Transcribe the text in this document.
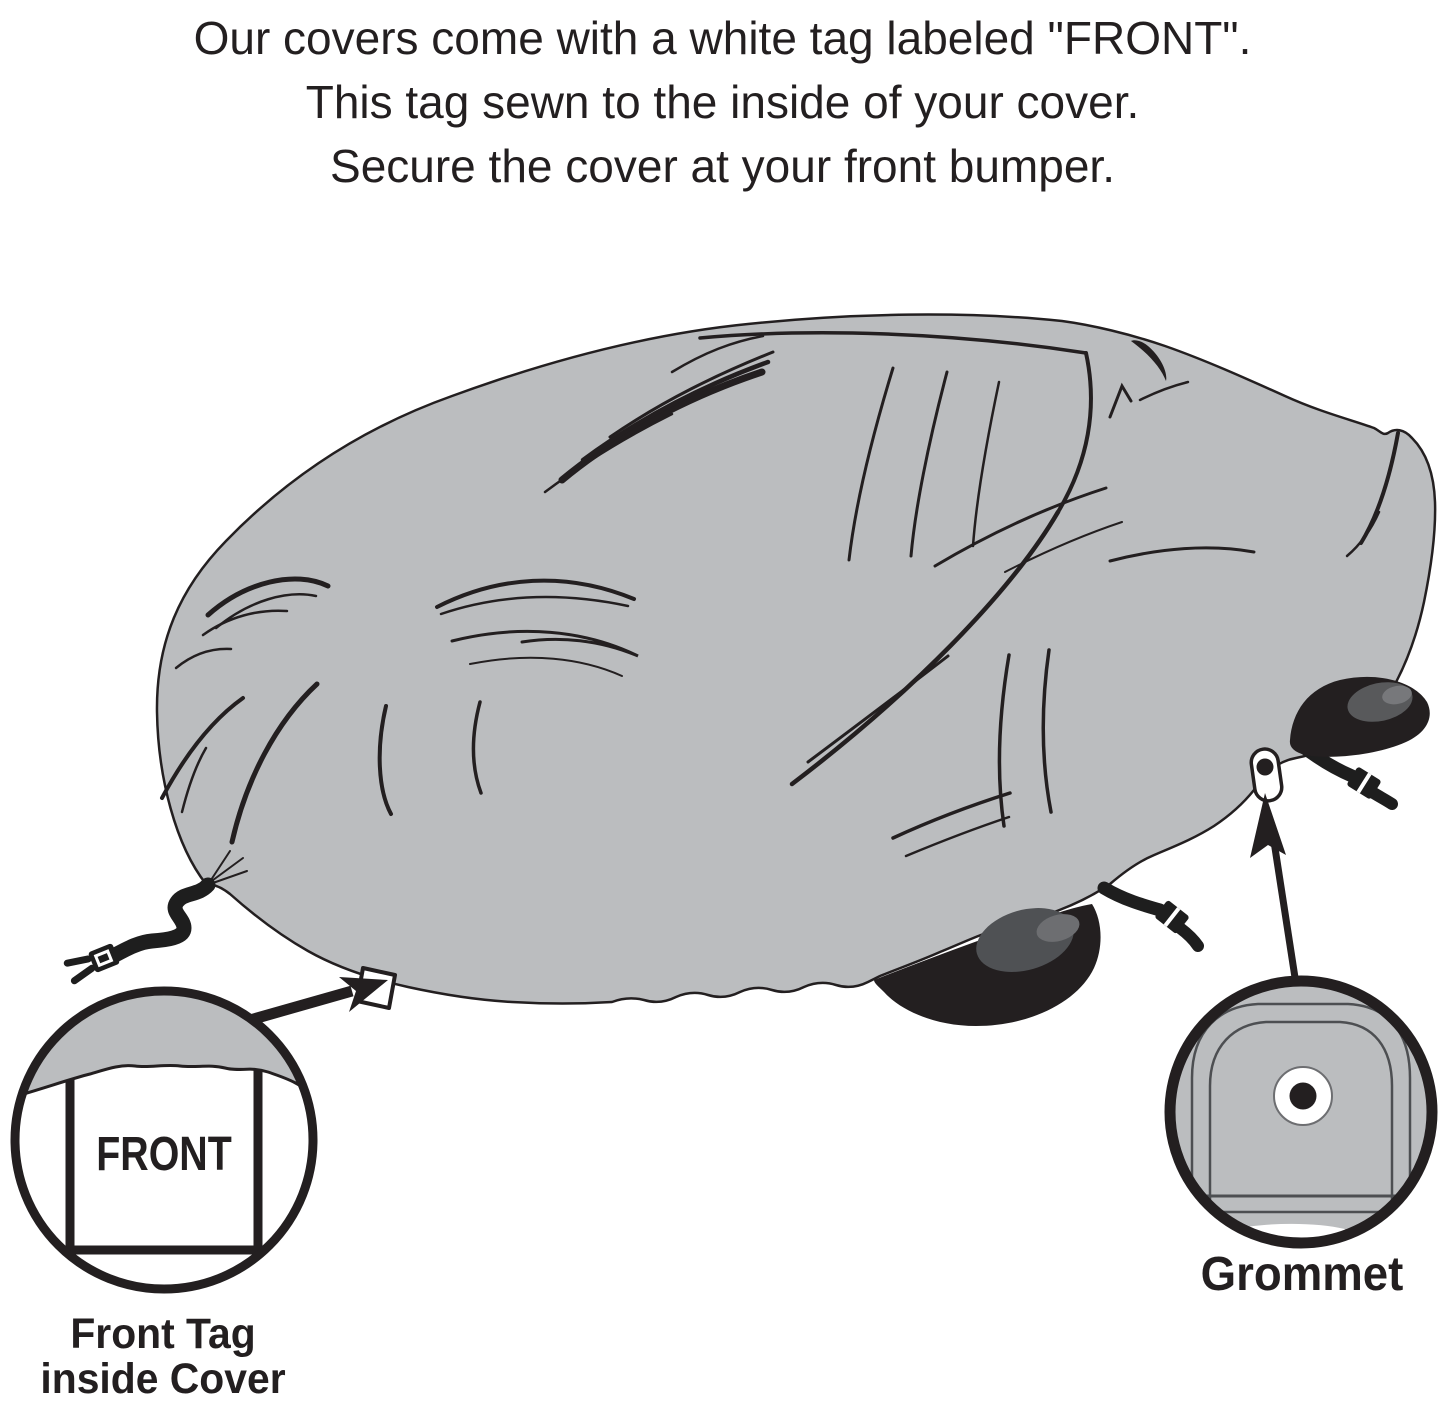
Our covers come with a white tag labeled "FRONT".
This tag sewn to the inside of your cover.
Secure the cover at your front bumper.
FRONT
Front Tag
inside Cover
Grommet
